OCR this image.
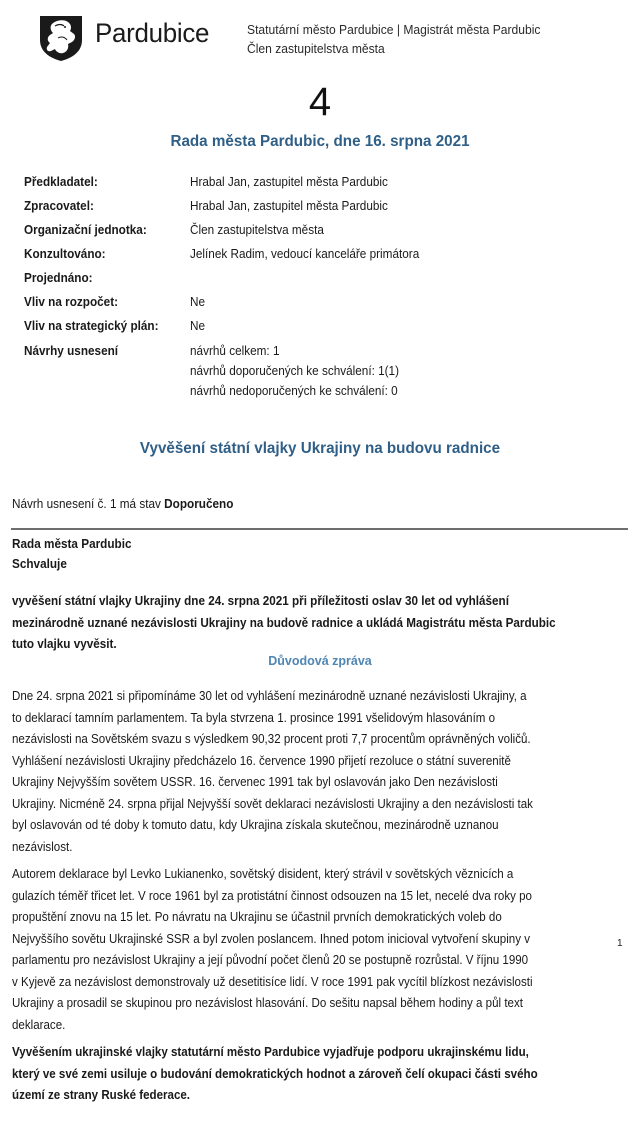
Pardubice	Statutární město Pardubice | Magistrát města Pardubic
Člen zastupitelstva města
4
Rada města Pardubic, dne 16. srpna 2021
Předkladatel:	Hrabal Jan, zastupitel města Pardubic
Zpracovatel:	Hrabal Jan, zastupitel města Pardubic
Organizační jednotka:	Člen zastupitelstva města
Konzultováno:	Jelínek Radim, vedoucí kanceláře primátora
Projednáno:
Vliv na rozpočet:	Ne
Vliv na strategický plán:	Ne
Návrhy usnesení	návrhů celkem: 1
návrhů doporučených ke schválení: 1(1)
návrhů nedoporučených ke schválení: 0
Vyvěšení státní vlajky Ukrajiny na budovu radnice
Návrh usnesení č. 1 má stav Doporučeno
Rada města Pardubic
Schvaluje
vyvěšení státní vlajky Ukrajiny dne 24. srpna 2021 při příležitosti oslav 30 let od vyhlášení
mezinárodně uznané nezávislosti Ukrajiny na budově radnice a ukládá Magistrátu města Pardubic
tuto vlajku vyvěsit.
Důvodová zpráva
Dne 24. srpna 2021 si připomínáme 30 let od vyhlášení mezinárodně uznané nezávislosti Ukrajiny, a
to deklarací tamním parlamentem. Ta byla stvrzena 1. prosince 1991 všelidovým hlasováním o
nezávislosti na Sovětském svazu s výsledkem 90,32 procent proti 7,7 procentům oprávněných voličů.
Vyhlášení nezávislosti Ukrajiny předcházelo 16. července 1990 přijetí rezoluce o státní suverenitě
Ukrajiny Nejvyšším sovětem USSR. 16. červenec 1991 tak byl oslavován jako Den nezávislosti
Ukrajiny. Nicméně 24. srpna přijal Nejvyšší sovět deklaraci nezávislosti Ukrajiny a den nezávislosti tak
byl oslavován od té doby k tomuto datu, kdy Ukrajina získala skutečnou, mezinárodně uznanou
nezávislost.
Autorem deklarace byl Levko Lukianenko, sovětský disident, který strávil v sovětských věznicích a
gulazích téměř třicet let. V roce 1961 byl za protistátní činnost odsouzen na 15 let, necelé dva roky po
propuštění znovu na 15 let. Po návratu na Ukrajinu se účastnil prvních demokratických voleb do
Nejvyššího sovětu Ukrajinské SSR a byl zvolen poslancem. Ihned potom inicioval vytvoření skupiny v
parlamentu pro nezávislost Ukrajiny a její původní počet členů 20 se postupně rozrůstal. V říjnu 1990
v Kyjevě za nezávislost demonstrovaly už desetitisíce lidí. V roce 1991 pak vycítil blízkost nezávislosti
Ukrajiny a prosadil se skupinou pro nezávislost hlasování. Do sešitu napsal během hodiny a půl text
deklarace.
1
Vyvěšením ukrajinské vlajky statutární město Pardubice vyjadřuje podporu ukrajinskému lidu,
který ve své zemi usiluje o budování demokratických hodnot a zároveň čelí okupaci části svého
území ze strany Ruské federace.
